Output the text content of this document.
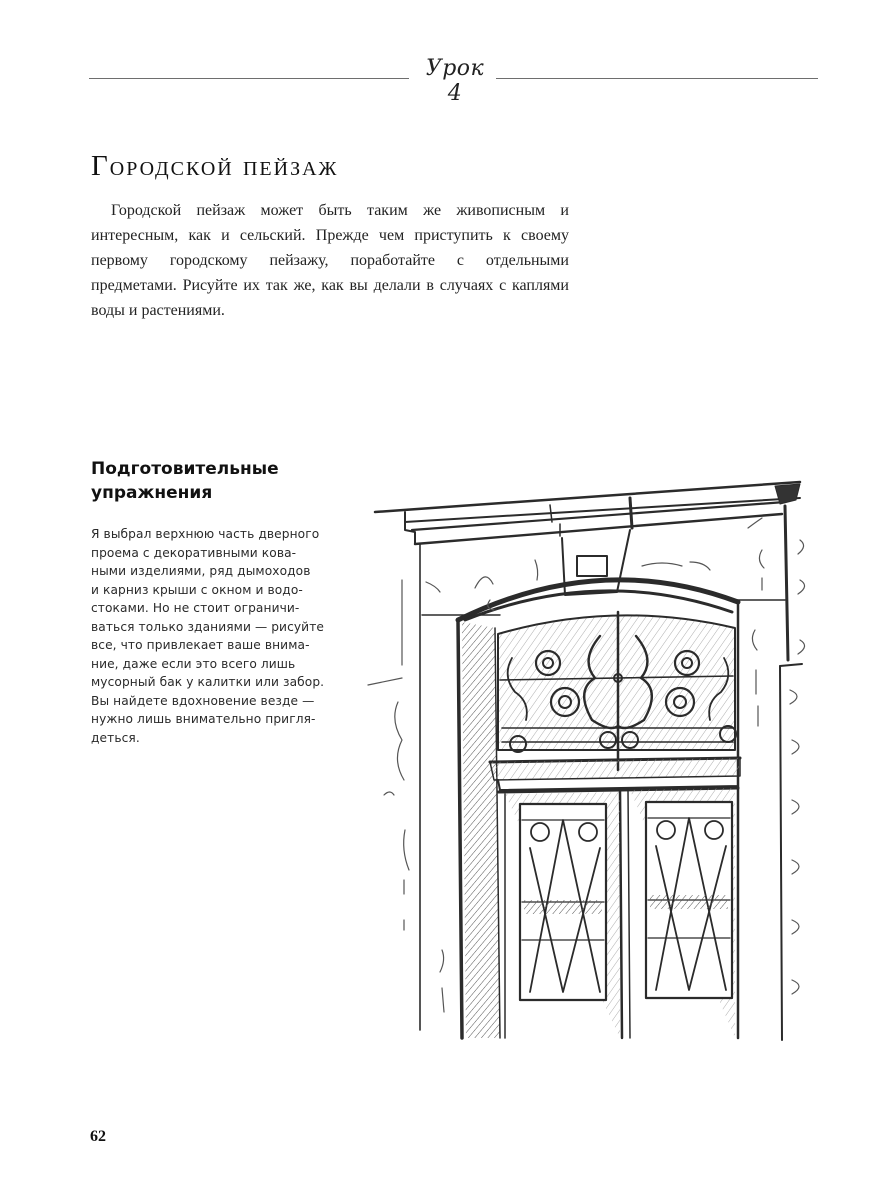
Урок 4
Городской пейзаж

Городской пейзаж может быть таким же живописным и интересным, как и сельский. Прежде чем приступить к своему первому городскому пейзажу, поработайте с отдельными предметами. Рисуйте их так же, как вы делали в случаях с каплями воды и растениями.

Подготовительные
упражнения

Я выбрал верхнюю часть дверного
проема с декоративными кова-
ными изделиями, ряд дымоходов
и карниз крыши с окном и водо-
стоками. Но не стоит ограничи-
ваться только зданиями — рисуйте
все, что привлекает ваше внима-
ние, даже если это всего лишь
мусорный бак у калитки или забор.
Вы найдете вдохновение везде —
нужно лишь внимательно пригля-
деться.

62
